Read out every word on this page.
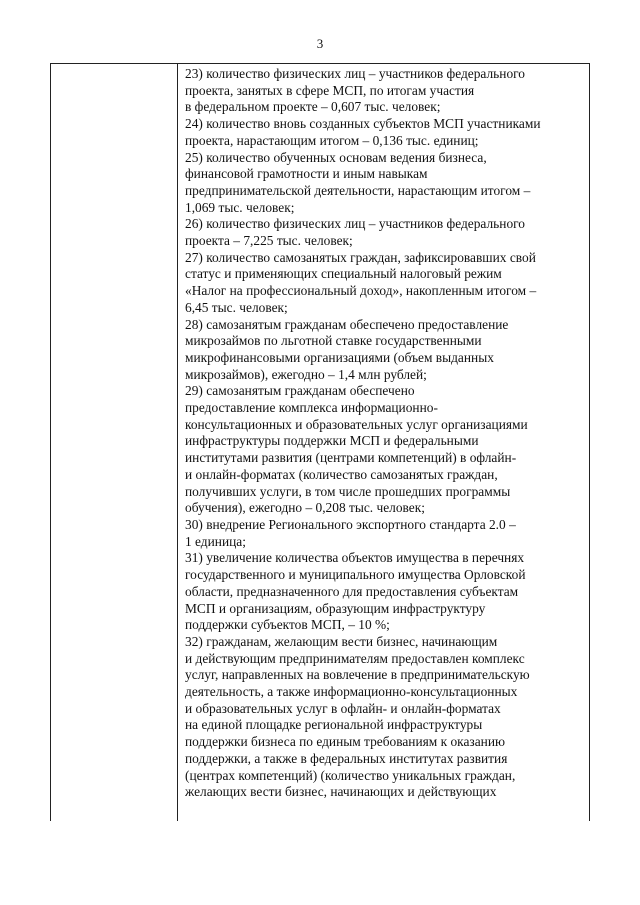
3
23) количество физических лиц – участников федерального
проекта, занятых в сфере МСП, по итогам участия
в федеральном проекте – 0,607 тыс. человек;
24) количество вновь созданных субъектов МСП участниками
проекта, нарастающим итогом – 0,136 тыс. единиц;
25) количество обученных основам ведения бизнеса,
финансовой грамотности и иным навыкам
предпринимательской деятельности, нарастающим итогом –
1,069 тыс. человек;
26) количество физических лиц – участников федерального
проекта – 7,225 тыс. человек;
27) количество самозанятых граждан, зафиксировавших свой
статус и применяющих специальный налоговый режим
«Налог на профессиональный доход», накопленным итогом –
6,45 тыс. человек;
28) самозанятым гражданам обеспечено предоставление
микрозаймов по льготной ставке государственными
микрофинансовыми организациями (объем выданных
микрозаймов), ежегодно – 1,4 млн рублей;
29) самозанятым гражданам обеспечено
предоставление комплекса информационно-
консультационных и образовательных услуг организациями
инфраструктуры поддержки МСП и федеральными
институтами развития (центрами компетенций) в офлайн-
и онлайн-форматах (количество самозанятых граждан,
получивших услуги, в том числе прошедших программы
обучения), ежегодно – 0,208 тыс. человек;
30) внедрение Регионального экспортного стандарта 2.0 –
1 единица;
31) увеличение количества объектов имущества в перечнях
государственного и муниципального имущества Орловской
области, предназначенного для предоставления субъектам
МСП и организациям, образующим инфраструктуру
поддержки субъектов МСП, – 10 %;
32) гражданам, желающим вести бизнес, начинающим
и действующим предпринимателям предоставлен комплекс
услуг, направленных на вовлечение в предпринимательскую
деятельность, а также информационно-консультационных
и образовательных услуг в офлайн- и онлайн-форматах
на единой площадке региональной инфраструктуры
поддержки бизнеса по единым требованиям к оказанию
поддержки, а также в федеральных институтах развития
(центрах компетенций) (количество уникальных граждан,
желающих вести бизнес, начинающих и действующих
